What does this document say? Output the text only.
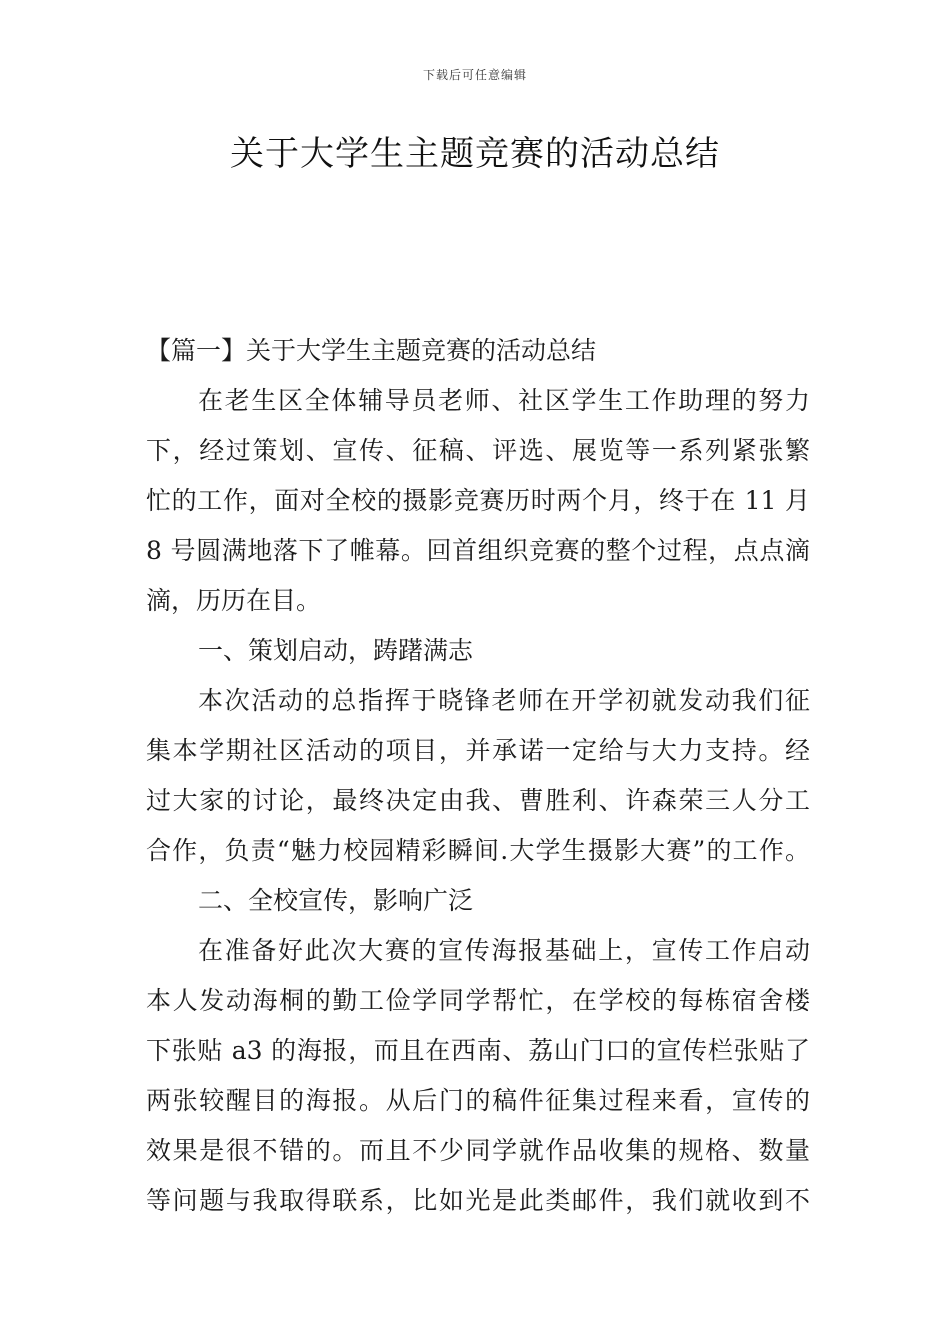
下载后可任意编辑
关于大学生主题竞赛的活动总结
【篇一】关于大学生主题竞赛的活动总结
在老生区全体辅导员老师、社区学生工作助理的努力
下，经过策划、宣传、征稿、评选、展览等一系列紧张繁
忙的工作，面对全校的摄影竞赛历时两个月，终于在 11 月
8 号圆满地落下了帷幕。回首组织竞赛的整个过程，点点滴
滴，历历在目。
一、策划启动，踌躇满志
本次活动的总指挥于晓锋老师在开学初就发动我们征
集本学期社区活动的项目，并承诺一定给与大力支持。经
过大家的讨论，最终决定由我、曹胜利、许森荣三人分工
合作，负责“魅力校园精彩瞬间.大学生摄影大赛”的工作。
二、全校宣传，影响广泛
在准备好此次大赛的宣传海报基础上，宣传工作启动
本人发动海桐的勤工俭学同学帮忙，在学校的每栋宿舍楼
下张贴 a3 的海报，而且在西南、荔山门口的宣传栏张贴了
两张较醒目的海报。从后门的稿件征集过程来看，宣传的
效果是很不错的。而且不少同学就作品收集的规格、数量
等问题与我取得联系，比如光是此类邮件，我们就收到不
